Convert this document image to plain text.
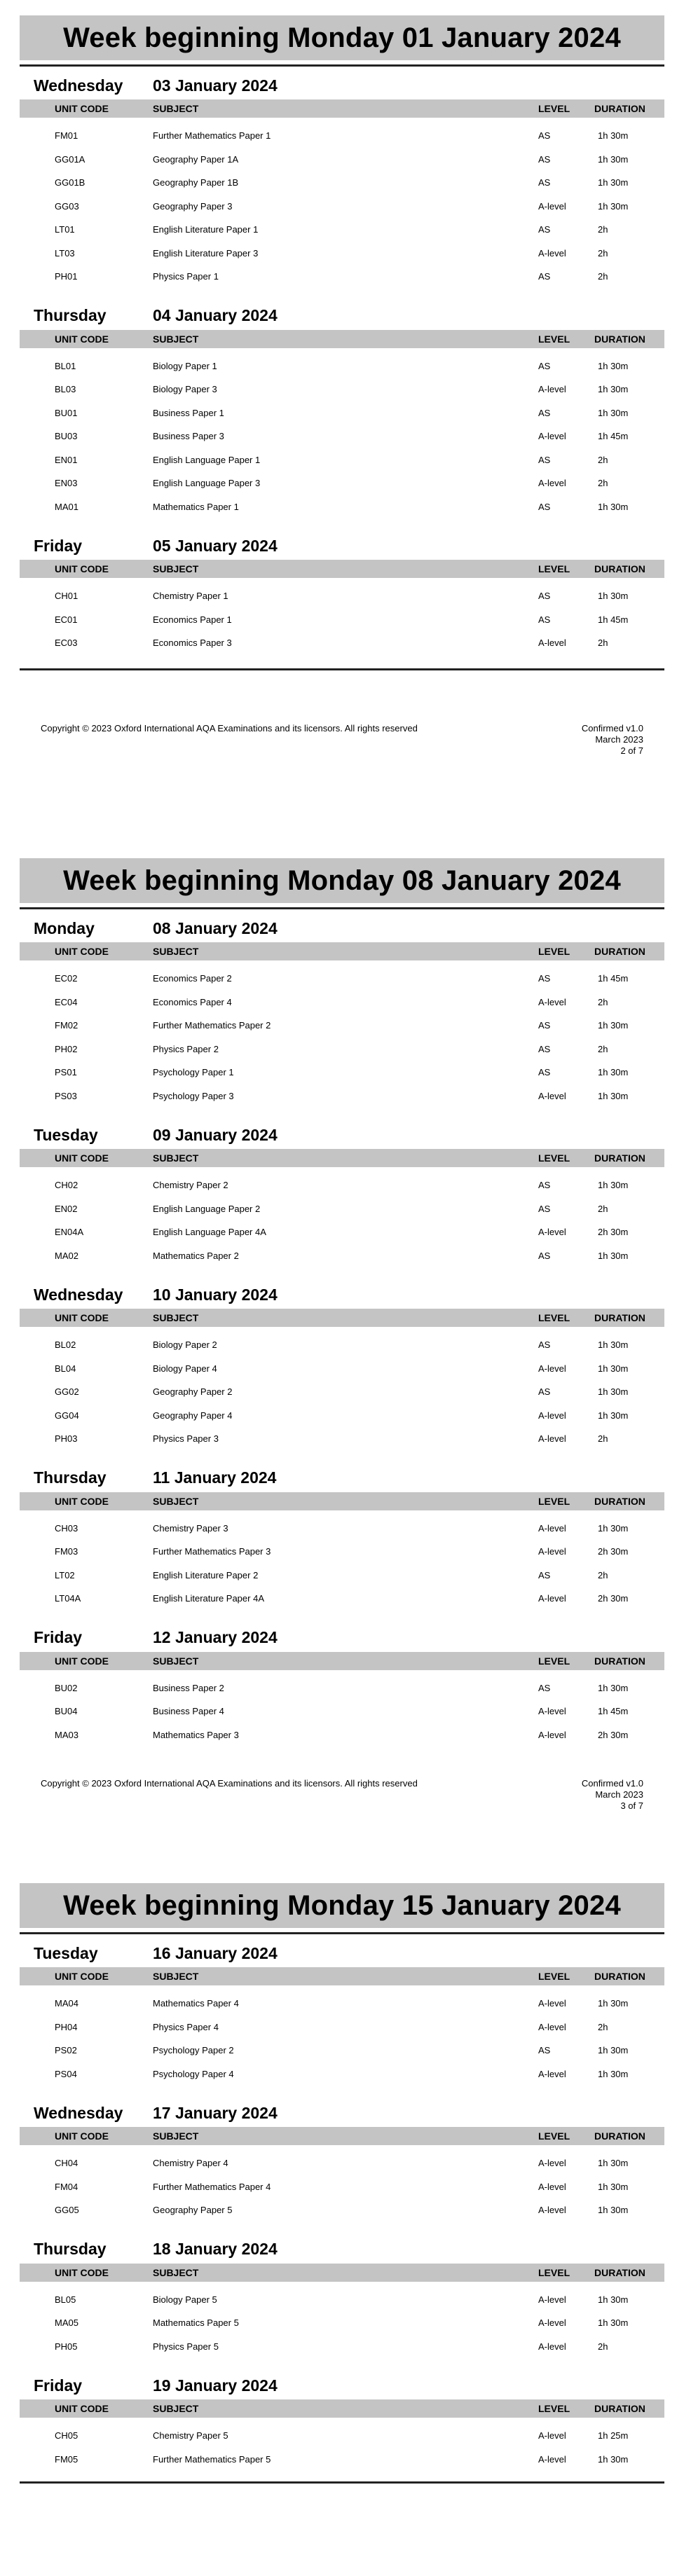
Week beginning Monday 01 January 2024
Wednesday	03 January 2024
UNIT CODE	SUBJECT	LEVEL DURATION
FM01	Further Mathematics Paper 1	AS	1h 30m
GG01A	Geography Paper 1A	AS	1h 30m
GG01B	Geography Paper 1B	AS	1h 30m
GG03	Geography Paper 3	A-level	1h 30m
LT01	English Literature Paper 1	AS	2h
LT03	English Literature Paper 3	A-level	2h
PH01	Physics Paper 1	AS	2h
Thursday	04 January 2024
UNIT CODE	SUBJECT	LEVEL DURATION
BL01	Biology Paper 1	AS	1h 30m
BL03	Biology Paper 3	A-level	1h 30m
BU01	Business Paper 1	AS	1h 30m
BU03	Business Paper 3	A-level	1h 45m
EN01	English Language Paper 1	AS	2h
EN03	English Language Paper 3	A-level	2h
MA01	Mathematics Paper 1	AS	1h 30m
Friday	05 January 2024
UNIT CODE	SUBJECT	LEVEL DURATION
CH01	Chemistry Paper 1	AS	1h 30m
EC01	Economics Paper 1	AS	1h 45m
EC03	Economics Paper 3	A-level	2h
Copyright © 2023 Oxford International AQA Examinations and its licensors. All rights reserved	Confirmed v1.0
March 2023
2 of 7
Week beginning Monday 08 January 2024
Monday	08 January 2024
UNIT CODE	SUBJECT	LEVEL DURATION
EC02	Economics Paper 2	AS	1h 45m
EC04	Economics Paper 4	A-level	2h
FM02	Further Mathematics Paper 2	AS	1h 30m
PH02	Physics Paper 2	AS	2h
PS01	Psychology Paper 1	AS	1h 30m
PS03	Psychology Paper 3	A-level	1h 30m
Tuesday	09 January 2024
UNIT CODE	SUBJECT	LEVEL DURATION
CH02	Chemistry Paper 2	AS	1h 30m
EN02	English Language Paper 2	AS	2h
EN04A	English Language Paper 4A	A-level	2h 30m
MA02	Mathematics Paper 2	AS	1h 30m
Wednesday	10 January 2024
UNIT CODE	SUBJECT	LEVEL DURATION
BL02	Biology Paper 2	AS	1h 30m
BL04	Biology Paper 4	A-level	1h 30m
GG02	Geography Paper 2	AS	1h 30m
GG04	Geography Paper 4	A-level	1h 30m
PH03	Physics Paper 3	A-level	2h
Thursday	11 January 2024
UNIT CODE	SUBJECT	LEVEL DURATION
CH03	Chemistry Paper 3	A-level	1h 30m
FM03	Further Mathematics Paper 3	A-level	2h 30m
LT02	English Literature Paper 2	AS	2h
LT04A	English Literature Paper 4A	A-level	2h 30m
Friday	12 January 2024
UNIT CODE	SUBJECT	LEVEL DURATION
BU02	Business Paper 2	AS	1h 30m
BU04	Business Paper 4	A-level	1h 45m
MA03	Mathematics Paper 3	A-level	2h 30m
Copyright © 2023 Oxford International AQA Examinations and its licensors. All rights reserved	Confirmed v1.0
March 2023
3 of 7
Week beginning Monday 15 January 2024
Tuesday	16 January 2024
UNIT CODE	SUBJECT	LEVEL DURATION
MA04	Mathematics Paper 4	A-level	1h 30m
PH04	Physics Paper 4	A-level	2h
PS02	Psychology Paper 2	AS	1h 30m
PS04	Psychology Paper 4	A-level	1h 30m
Wednesday	17 January 2024
UNIT CODE	SUBJECT	LEVEL DURATION
CH04	Chemistry Paper 4	A-level	1h 30m
FM04	Further Mathematics Paper 4	A-level	1h 30m
GG05	Geography Paper 5	A-level	1h 30m
Thursday	18 January 2024
UNIT CODE	SUBJECT	LEVEL DURATION
BL05	Biology Paper 5	A-level	1h 30m
MA05	Mathematics Paper 5	A-level	1h 30m
PH05	Physics Paper 5	A-level	2h
Friday	19 January 2024
UNIT CODE	SUBJECT	LEVEL DURATION
CH05	Chemistry Paper 5	A-level	1h 25m
FM05	Further Mathematics Paper 5	A-level	1h 30m
